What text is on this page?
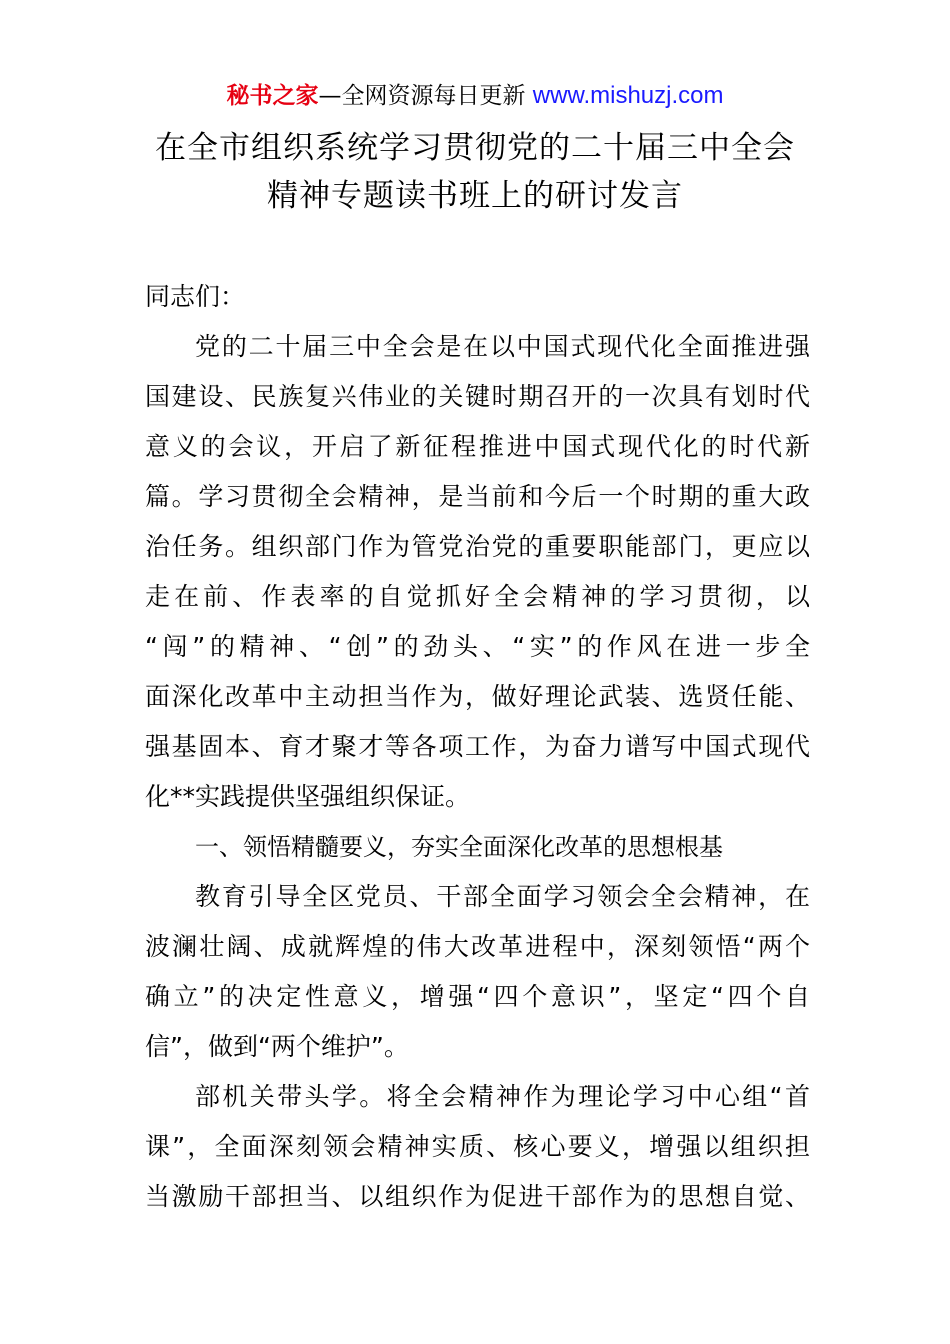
秘书之家—全网资源每日更新 www.mishuzj.com
在全市组织系统学习贯彻党的二十届三中全会
精神专题读书班上的研讨发言
同志们：
党的二十届三中全会是在以中国式现代化全面推进强
国建设、民族复兴伟业的关键时期召开的一次具有划时代
意义的会议，开启了新征程推进中国式现代化的时代新
篇。学习贯彻全会精神，是当前和今后一个时期的重大政
治任务。组织部门作为管党治党的重要职能部门，更应以
走在前、作表率的自觉抓好全会精神的学习贯彻，以
“闯”的精神、“创”的劲头、“实”的作风在进一步全
面深化改革中主动担当作为，做好理论武装、选贤任能、
强基固本、育才聚才等各项工作，为奋力谱写中国式现代
化**实践提供坚强组织保证。
一、领悟精髓要义，夯实全面深化改革的思想根基
教育引导全区党员、干部全面学习领会全会精神，在
波澜壮阔、成就辉煌的伟大改革进程中，深刻领悟“两个
确立”的决定性意义，增强“四个意识”，坚定“四个自
信”，做到“两个维护”。
部机关带头学。将全会精神作为理论学习中心组“首
课”，全面深刻领会精神实质、核心要义，增强以组织担
当激励干部担当、以组织作为促进干部作为的思想自觉、
